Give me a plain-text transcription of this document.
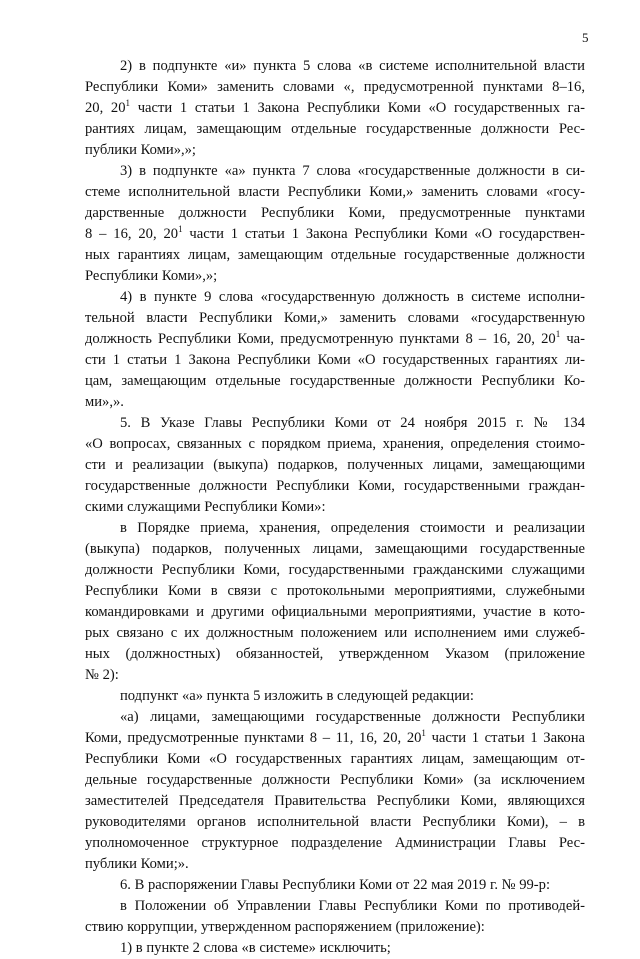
5
2) в подпункте «и» пункта 5 слова «в системе исполнительной власти
Республики Коми» заменить словами «, предусмотренной пунктами 8–16,
20, $20^1$ части 1 статьи 1 Закона Республики Коми «О государственных га-
рантиях лицам, замещающим отдельные государственные должности Рес-
публики Коми»,»;
3) в подпункте «а» пункта 7 слова «государственные должности в си-
стеме исполнительной власти Республики Коми,» заменить словами «госу-
дарственные должности Республики Коми, предусмотренные пунктами
8 – 16, 20, $20^1$ части 1 статьи 1 Закона Республики Коми «О государствен-
ных гарантиях лицам, замещающим отдельные государственные должности
Республики Коми»,»;
4) в пункте 9 слова «государственную должность в системе исполни-
тельной власти Республики Коми,» заменить словами «государственную
должность Республики Коми, предусмотренную пунктами 8 – 16, 20, $20^1$ ча-
сти 1 статьи 1 Закона Республики Коми «О государственных гарантиях ли-
цам, замещающим отдельные государственные должности Республики Ко-
ми»,».
5. В Указе Главы Республики Коми от 24 ноября 2015 г. № 134
«О вопросах, связанных с порядком приема, хранения, определения стоимо-
сти и реализации (выкупа) подарков, полученных лицами, замещающими
государственные должности Республики Коми, государственными граждан-
скими служащими Республики Коми»:
в Порядке приема, хранения, определения стоимости и реализации
(выкупа) подарков, полученных лицами, замещающими государственные
должности Республики Коми, государственными гражданскими служащими
Республики Коми в связи с протокольными мероприятиями, служебными
командировками и другими официальными мероприятиями, участие в кото-
рых связано с их должностным положением или исполнением ими служеб-
ных (должностных) обязанностей, утвержденном Указом (приложение
№ 2):
подпункт «а» пункта 5 изложить в следующей редакции:
«а) лицами, замещающими государственные должности Республики
Коми, предусмотренные пунктами 8 – 11, 16, 20, $20^1$ части 1 статьи 1 Закона
Республики Коми «О государственных гарантиях лицам, замещающим от-
дельные государственные должности Республики Коми» (за исключением
заместителей Председателя Правительства Республики Коми, являющихся
руководителями органов исполнительной власти Республики Коми), – в
уполномоченное структурное подразделение Администрации Главы Рес-
публики Коми;».
6. В распоряжении Главы Республики Коми от 22 мая 2019 г. № 99-р:
в Положении об Управлении Главы Республики Коми по противодей-
ствию коррупции, утвержденном распоряжением (приложение):
1) в пункте 2 слова «в системе» исключить;
